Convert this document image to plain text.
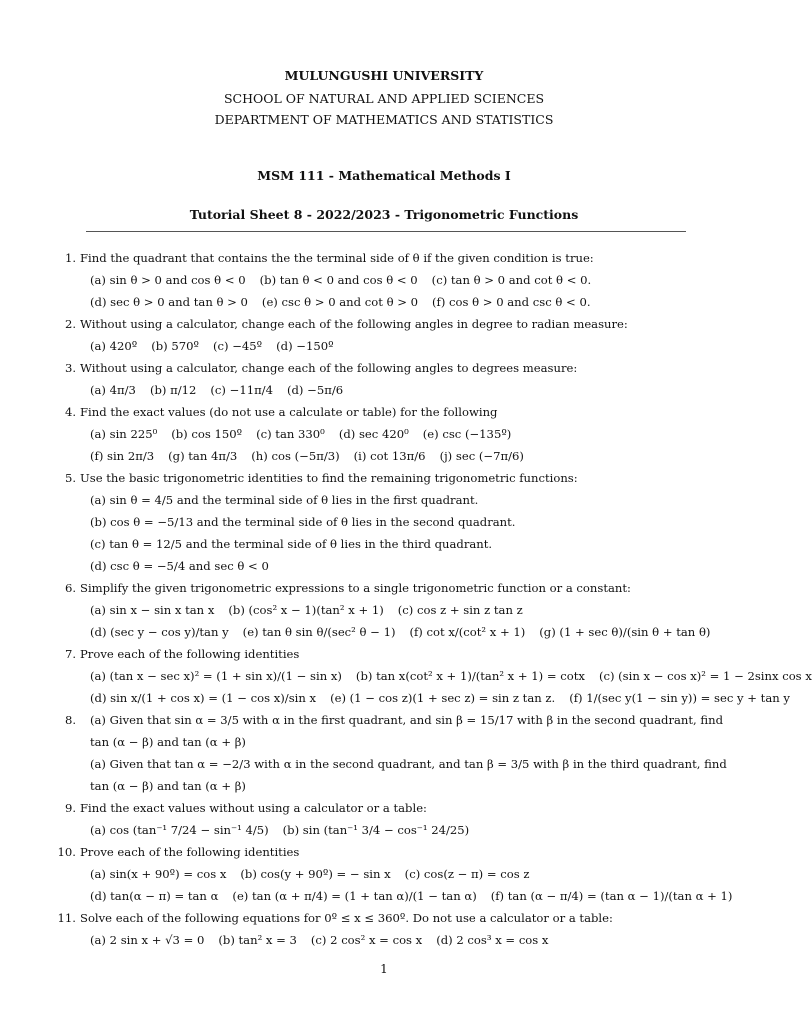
MULUNGUSHI UNIVERSITY
SCHOOL OF NATURAL AND APPLIED SCIENCES
DEPARTMENT OF MATHEMATICS AND STATISTICS
MSM 111 - Mathematical Methods I
Tutorial Sheet 8 - 2022/2023 - Trigonometric Functions
1. Find the quadrant that contains the the terminal side of θ if the given condition is true:
(a) sin θ > 0 and cos θ < 0 (b) tan θ < 0 and cos θ < 0 (c) tan θ > 0 and cot θ < 0.
(d) sec θ > 0 and tan θ > 0 (e) csc θ > 0 and cot θ > 0 (f) cos θ > 0 and csc θ < 0.
2. Without using a calculator, change each of the following angles in degree to radian measure:
(a) 420º (b) 570º (c) −45º (d) −150º
3. Without using a calculator, change each of the following angles to degrees measure:
(a) 4π/3 (b) π/12 (c) −11π/4 (d) −5π/6
4. Find the exact values (do not use a calculate or table) for the following
(a) sin 225⁰ (b) cos 150º (c) tan 330⁰ (d) sec 420⁰ (e) csc (−135º)
(f) sin 2π/3 (g) tan 4π/3 (h) cos (−5π/3) (i) cot 13π/6 (j) sec (−7π/6)
5. Use the basic trigonometric identities to find the remaining trigonometric functions:
(a) sin θ = 4/5 and the terminal side of θ lies in the first quadrant.
(b) cos θ = −5/13 and the terminal side of θ lies in the second quadrant.
(c) tan θ = 12/5 and the terminal side of θ lies in the third quadrant.
(d) csc θ = −5/4 and sec θ < 0
6. Simplify the given trigonometric expressions to a single trigonometric function or a constant:
(a) sin x − sin x tan x (b) (cos² x − 1)(tan² x + 1) (c) cos z + sin z tan z
(d) (sec y − cos y)/tan y (e) tan θ sin θ/(sec² θ − 1) (f) cot x/(cot² x + 1) (g) (1 + sec θ)/(sin θ + tan θ)
7. Prove each of the following identities
(a) (tan x − sec x)² = (1 + sin x)/(1 − sin x) (b) tan x(cot² x + 1)/(tan² x + 1) = cotx (c) (sin x − cos x)² = 1 − 2sinx cos x
(d) sin x/(1 + cos x) = (1 − cos x)/sin x (e) (1 − cos z)(1 + sec z) = sin z tan z. (f) 1/(sec y(1 − sin y)) = sec y + tan y
8. (a) Given that sin α = 3/5 with α in the first quadrant, and sin β = 15/17 with β in the second quadrant, find tan (α − β) and tan (α + β)
(a) Given that tan α = −2/3 with α in the second quadrant, and tan β = 3/5 with β in the third quadrant, find tan (α − β) and tan (α + β)
9. Find the exact values without using a calculator or a table:
(a) cos (tan⁻¹ 7/24 − sin⁻¹ 4/5) (b) sin (tan⁻¹ 3/4 − cos⁻¹ 24/25)
10. Prove each of the following identities
(a) sin(x + 90º) = cos x (b) cos(y + 90º) = − sin x (c) cos(z − π) = cos z
(d) tan(α − π) = tan α (e) tan (α + π/4) = (1 + tan α)/(1 − tan α) (f) tan (α − π/4) = (tan α − 1)/(tan α + 1)
11. Solve each of the following equations for 0º ≤ x ≤ 360º. Do not use a calculator or a table:
(a) 2 sin x + √3 = 0 (b) tan² x = 3 (c) 2 cos² x = cos x (d) 2 cos³ x = cos x
1
